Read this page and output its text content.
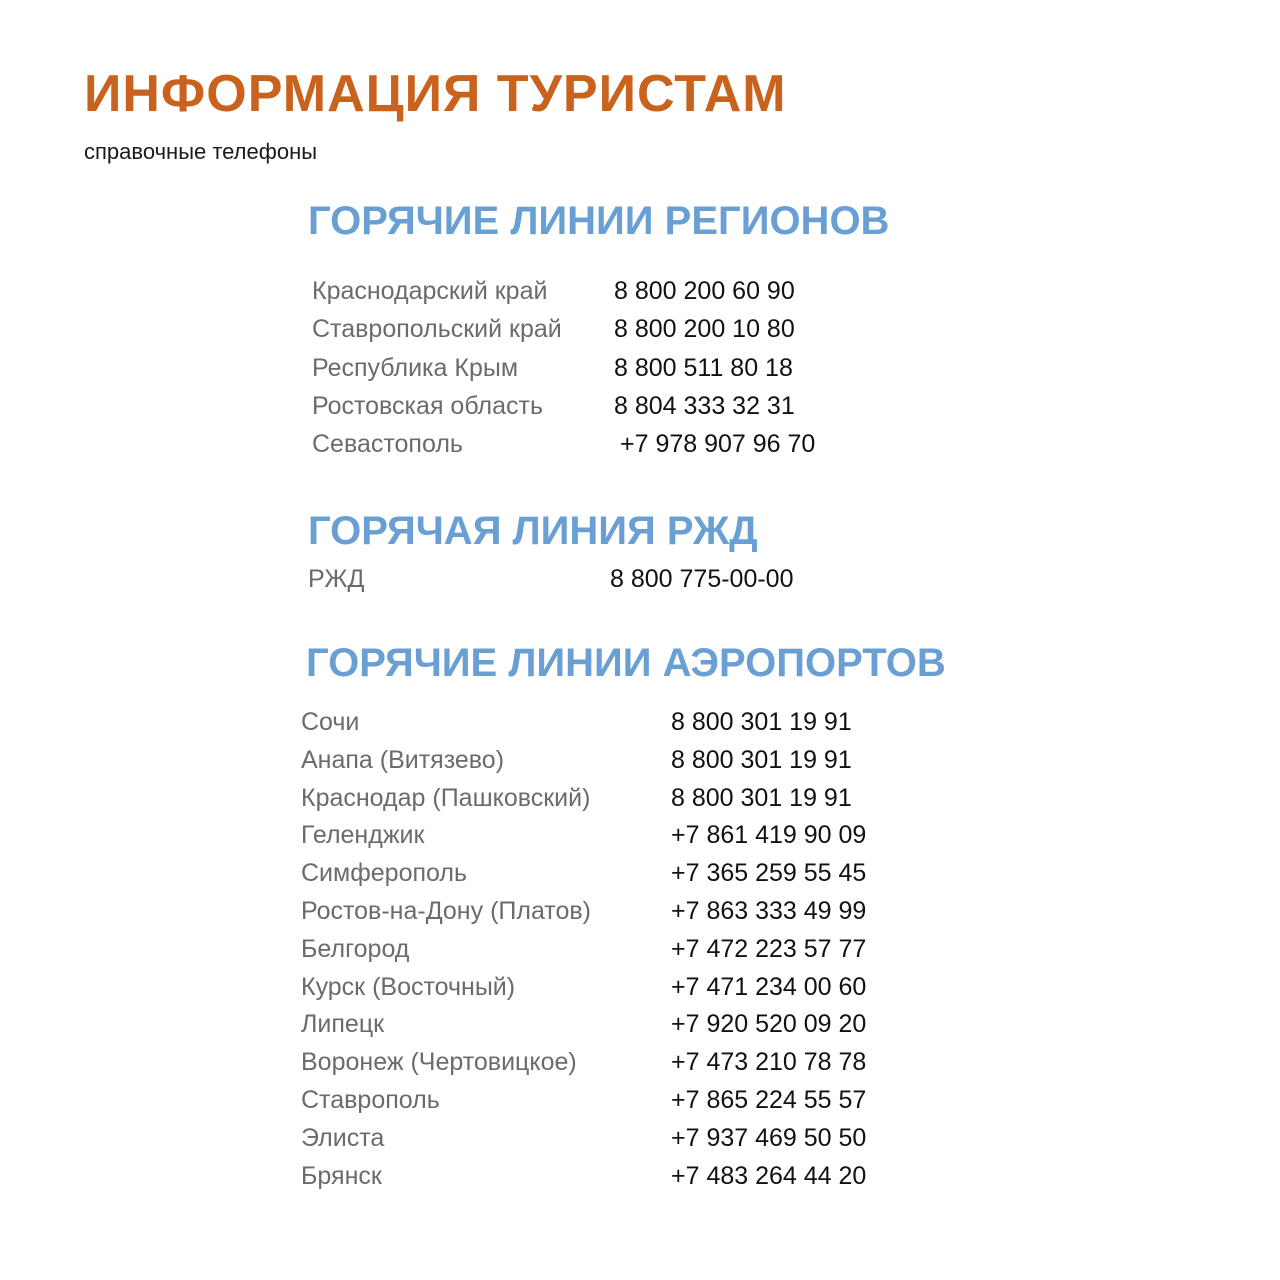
ИНФОРМАЦИЯ ТУРИСТАМ
справочные телефоны
ГОРЯЧИЕ ЛИНИИ РЕГИОНОВ
Краснодарский край	8 800 200 60 90
Ставропольский край 8 800 200 10 80
Республика Крым	8 800 511 80 18
Ростовская область	8 804 333 32 31
Севастополь	+7 978 907 96 70
ГОРЯЧАЯ ЛИНИЯ РЖД
РЖД	8 800 775-00-00
ГОРЯЧИЕ ЛИНИИ АЭРОПОРТОВ
Сочи	8 800 301 19 91
Анапа (Витязево)	8 800 301 19 91
Краснодар (Пашковский)	8 800 301 19 91
Геленджик	+7 861 419 90 09
Симферополь	+7 365 259 55 45
Ростов-на-Дону (Платов)	+7 863 333 49 99
Белгород	+7 472 223 57 77
Курск (Восточный)	+7 471 234 00 60
Липецк	+7 920 520 09 20
Воронеж (Чертовицкое)	+7 473 210 78 78
Ставрополь	+7 865 224 55 57
Элиста	+7 937 469 50 50
Брянск	+7 483 264 44 20
